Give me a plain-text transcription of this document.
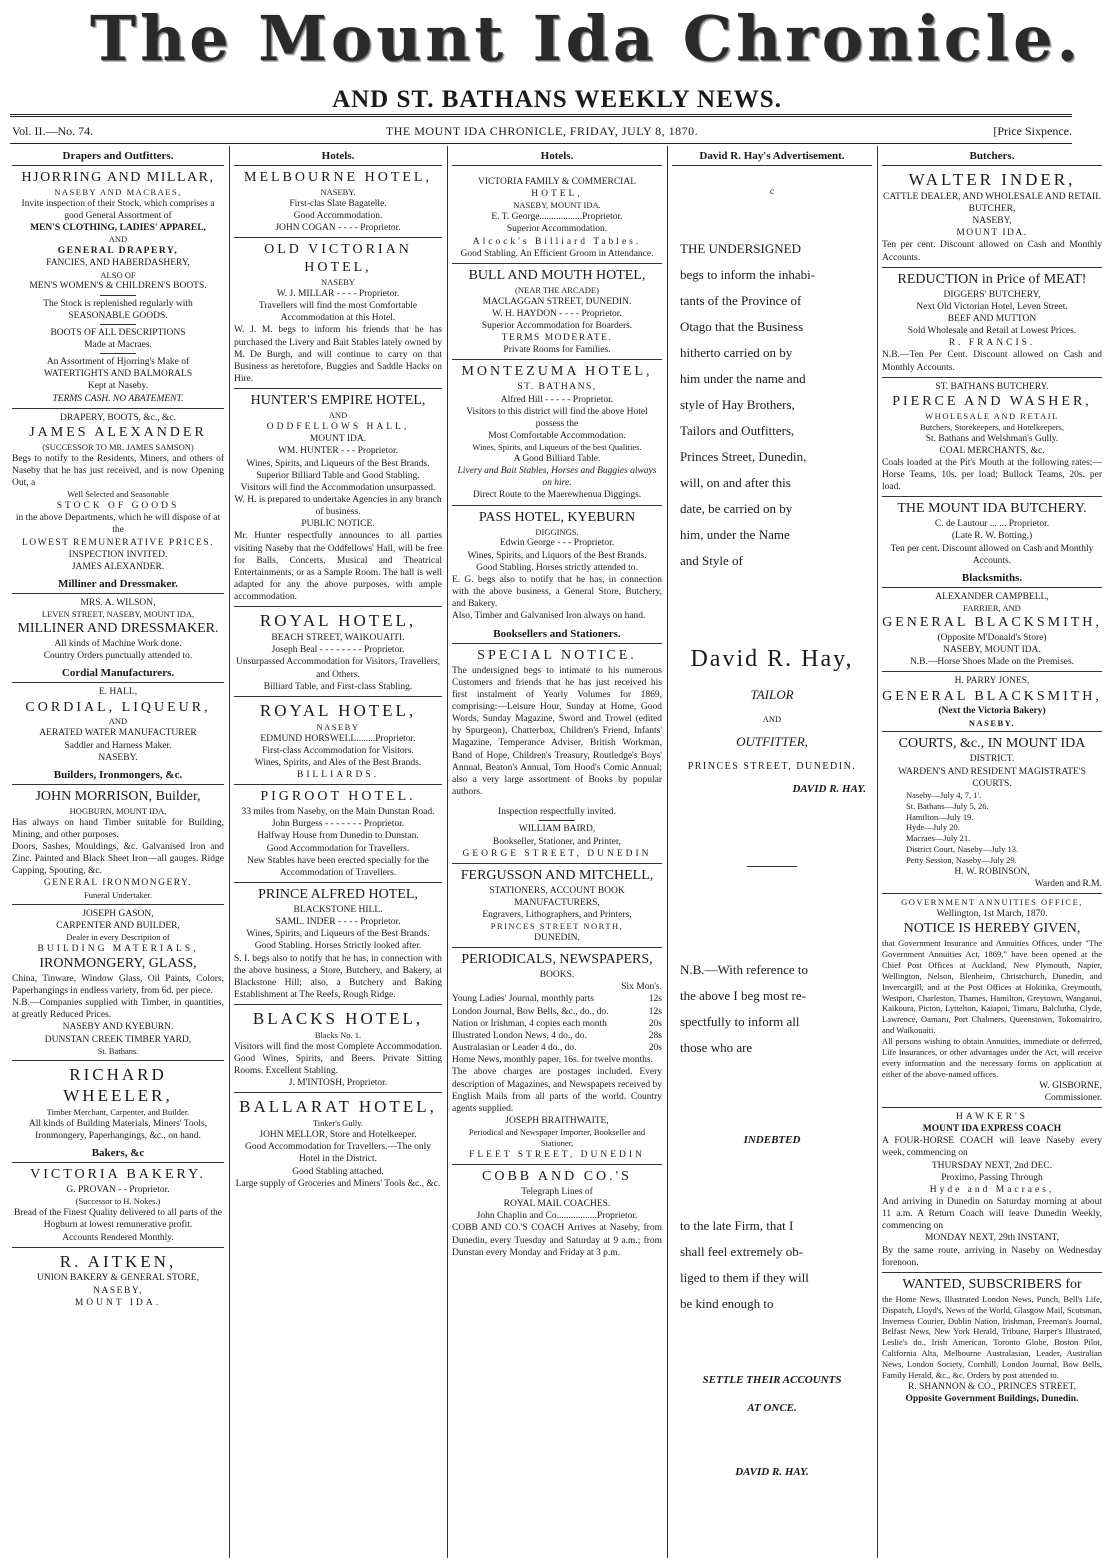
The Mount Ida Chronicle.
AND ST. BATHANS WEEKLY NEWS.
Vol. II.—No. 74.	THE MOUNT IDA CHRONICLE, FRIDAY, JULY 8, 1870.	[Price Sixpence.
Drapers and Outfitters.

HJORRING AND MILLAR,

NASEBY AND MACRAES,

Invite inspection of their Stock, which comprises a good General Assortment of

MEN'S CLOTHING, LADIES' APPAREL,

AND

GENERAL DRAPERY,

FANCIES, AND HABERDASHERY,

ALSO OF

MEN'S WOMEN'S & CHILDREN'S BOOTS.

The Stock is replenished regularly with

SEASONABLE GOODS.

BOOTS OF ALL DESCRIPTIONS

Made at Macraes.

An Assortment of Hjorring's Make of

WATERTIGHTS AND BALMORALS

Kept at Naseby.

TERMS CASH. NO ABATEMENT.

DRAPERY, BOOTS, &c., &c.

JAMES ALEXANDER

(SUCCESSOR TO MR. JAMES SAMSON)

Begs to notify to the Residents, Miners, and others of Naseby that he has just received, and is now Opening Out, a

Well Selected and Seasonable

STOCK OF GOODS

in the above Departments, which he will dispose of at the

LOWEST REMUNERATIVE PRICES.

INSPECTION INVITED.

JAMES ALEXANDER.

Milliner and Dressmaker.

MRS. A. WILSON,

LEVEN STREET, NASEBY, MOUNT IDA,

MILLINER AND DRESSMAKER.

All kinds of Machine Work done.

Country Orders punctually attended to.

Cordial Manufacturers.

E. HALL,

CORDIAL, LIQUEUR,

AND

AERATED WATER MANUFACTURER

Saddler and Harness Maker.

NASEBY.

Builders, Ironmongers, &c.

JOHN MORRISON, Builder,

HOGBURN, MOUNT IDA,

Has always on hand Timber suitable for Building, Mining, and other purposes.

Doors, Sashes, Mouldings, &c. Galvanised Iron and Zinc. Painted and Black Sheet Iron—all gauges. Ridge Capping, Spouting, &c.

GENERAL IRONMONGERY.

Funeral Undertaker.

JOSEPH GASON,

CARPENTER AND BUILDER,

Dealer in every Description of

BUILDING MATERIALS,

IRONMONGERY, GLASS,

China, Tinware, Window Glass, Oil Paints, Colors, Paperhangings in endless variety, from 6d. per piece.

N.B.—Companies supplied with Timber, in quantities, at greatly Reduced Prices.

NASEBY AND KYEBURN.

DUNSTAN CREEK TIMBER YARD,

St. Bathans.

RICHARD WHEELER,

Timber Merchant, Carpenter, and Builder.

All kinds of Building Materials, Miners' Tools, Ironmongery, Paperhangings, &c., on hand.

Bakers, &c

VICTORIA BAKERY.

G. PROVAN - - Proprietor.

(Successor to H. Nokes.)

Bread of the Finest Quality delivered to all parts of the Hogburn at lowest remunerative profit.

Accounts Rendered Monthly.

R. AITKEN,

UNION BAKERY & GENERAL STORE,

NASEBY,

MOUNT IDA.

Hotels.

MELBOURNE HOTEL,

NASEBY.

First-clas Slate Bagatelle.

Good Accommodation.

JOHN COGAN - - - - Proprietor.

OLD VICTORIAN HOTEL,

NASEBY

W. J. MILLAR - - - - Proprietor.

Travellers will find the most Comfortable Accommodation at this Hotel.

W. J. M. begs to inform his friends that he has purchased the Livery and Bait Stables lately owned by M. De Burgh, and will continue to carry on that Business as heretofore, Buggies and Saddle Hacks on Hire.

HUNTER'S EMPIRE HOTEL,

AND

ODDFELLOWS HALL,

MOUNT IDA.

WM. HUNTER - - - Proprietor.

Wines, Spirits, and Liqueurs of the Best Brands.

Superior Billiard Table and Good Stabling.

Visitors will find the Accommodation unsurpassed.

W. H. is prepared to undertake Agencies in any branch of business.

PUBLIC NOTICE.

Mr. Hunter respectfully announces to all parties visiting Naseby that the Oddfellows' Hall, will be free for Balls, Concerts, Musical and Theatrical Entertainments, or as a Sample Room. The hall is well adapted for any the above purposes, with ample accommodation.

ROYAL HOTEL,

BEACH STREET, WAIKOUAITI.

Joseph Beal - - - - - - - - Proprietor.

Unsurpassed Accommodation for Visitors, Travellers, and Others.

Billiard Table, and First-class Stabling.

ROYAL HOTEL,

NASEBY

EDMUND HORSWELL........Proprietor.

First-class Accommodation for Visitors.

Wines, Spirits, and Ales of the Best Brands.

BILLIARDS.

PIGROOT HOTEL.

33 miles from Naseby, on the Main Dunstan Road.

John Burgess - - - - - - - Proprietor.

Halfway House from Dunedin to Dunstan.

Good Accommodation for Travellers.

New Stables have been erected specially for the Accommodation of Travellers.

PRINCE ALFRED HOTEL,

BLACKSTONE HILL.

SAML. INDER - - - - Proprietor.

Wines, Spirits, and Liqueurs of the Best Brands.

Good Stabling. Horses Strictly looked after.

S. I. begs also to notify that he has, in connection with the above business, a Store, Butchery, and Bakery, at Blackstone Hill; also, a Butchery and Baking Establishment at The Reefs, Rough Ridge.

BLACKS HOTEL,

Blacks No. 1.

Visitors will find the most Complete Accommodation. Good Wines, Spirits, and Beers. Private Sitting Rooms. Excellent Stabling.

J. M'INTOSH, Proprietor.

BALLARAT HOTEL,

Tinker's Gully.

JOHN MELLOR, Store and Hotelkeeper.

Good Accommodation for Travellers.—The only Hotel in the District.

Good Stabling attached.

Large supply of Groceries and Miners' Tools &c., &c.

Hotels.

VICTORIA FAMILY & COMMERCIAL

HOTEL,

NASEBY, MOUNT IDA.

E. T. George..................Proprietor.

Superior Accommodation.

Alcock's Billiard Tables.

Good Stabling. An Efficient Groom in Attendance.

BULL AND MOUTH HOTEL,

(NEAR THE ARCADE)

MACLAGGAN STREET, DUNEDIN.

W. H. HAYDON - - - - Proprietor.

Superior Accommodation for Boarders.

TERMS MODERATE.

Private Rooms for Families.

MONTEZUMA HOTEL,

ST. BATHANS,

Alfred Hill - - - - - Proprietor.

Visitors to this district will find the above Hotel possess the

Most Comfortable Accommodation.

Wines, Spirits, and Liqueurs of the best Qualities.

A Good Billiard Table.

Livery and Bait Stables, Horses and Buggies always on hire.

Direct Route to the Maerewhenua Diggings.

PASS HOTEL, KYEBURN

DIGGINGS.

Edwin George - - - Proprietor.

Wines, Spirits, and Liquors of the Best Brands.

Good Stabling. Horses strictly attended to.

E. G. begs also to notify that he has, in connection with the above business, a General Store, Butchery, and Bakery.

Also, Timber and Galvanised Iron always on hand.

Booksellers and Stationers.

SPECIAL NOTICE.

The undersigned begs to intimate to his numerous Customers and friends that he has just received his first instalment of Yearly Volumes for 1869, comprising:—Leisure Hour, Sunday at Home, Good Words, Sunday Magazine, Sword and Trowel (edited by Spurgeon), Chatterbox, Children's Friend, Infants' Magazine, Temperance Adviser, British Workman, Band of Hope, Children's Treasury, Routledge's Boys' Annual, Beaton's Annual, Tom Hood's Comic Annual; also a very large assortment of Books by popular authors.

Inspection respectfully invited.

WILLIAM BAIRD,

Bookseller, Stationer, and Printer,

GEORGE STREET, DUNEDIN

FERGUSSON AND MITCHELL,

STATIONERS, ACCOUNT BOOK MANUFACTURERS,

Engravers, Lithographers, and Printers,

PRINCES STREET NORTH,

DUNEDIN.

PERIODICALS, NEWSPAPERS,

BOOKS.

Six Mon's.

Young Ladies' Journal, monthly parts	12s
London Journal, Bow Bells, &c., do., do.	12s
Nation or Irishman, 4 copies each month	20s
Illustrated London News, 4 do., do.	28s
Australasian or Leader 4 do., do.	20s

Home News, monthly paper, 16s. for twelve months.

The above charges are postages included. Every description of Magazines, and Newspapers received by English Mails from all parts of the world. Country agents supplied.

JOSEPH BRAITHWAITE,

Periodical and Newspaper Importer, Bookseller and Stationer,

FLEET STREET, DUNEDIN

COBB AND CO.'S

Telegraph Lines of

ROYAL MAIL COACHES.

John Chaplin and Co.................Proprietor.

COBB AND CO.'S COACH Arrives at Naseby, from Dunedin, every Tuesday and Saturday at 9 a.m.; from Dunstan every Monday and Friday at 3 p.m.

David R. Hay's Advertisement.

c

THE UNDERSIGNED

begs to inform the inhabi-

tants of the Province of

Otago that the Business

hitherto carried on by

him under the name and

style of Hay Brothers,

Tailors and Outfitters,

Princes Street, Dunedin,

will, on and after this

date, be carried on by

him, under the Name

and Style of

David R. Hay,

TAILOR

AND

OUTFITTER,

PRINCES STREET, DUNEDIN.

DAVID R. HAY.

N.B.—With reference to

the above I beg most re-

spectfully to inform all

those who are

INDEBTED

to the late Firm, that I

shall feel extremely ob-

liged to them if they will

be kind enough to

SETTLE THEIR ACCOUNTS

AT ONCE.

DAVID R. HAY.

Butchers.

WALTER INDER,

CATTLE DEALER, AND WHOLESALE AND RETAIL BUTCHER,

NASEBY,

MOUNT IDA.

Ten per cent. Discount allowed on Cash and Monthly Accounts.

REDUCTION in Price of MEAT!

DIGGERS' BUTCHERY,

Next Old Victorian Hotel, Leven Street.

BEEF AND MUTTON

Sold Wholesale and Retail at Lowest Prices.

R. FRANCIS.

N.B.—Ten Per Cent. Discount allowed on Cash and Monthly Accounts.

ST. BATHANS BUTCHERY.

PIERCE AND WASHER,

WHOLESALE AND RETAIL

Butchers, Storekeepers, and Hotelkeepers,

St. Bathans and Welshman's Gully.

COAL MERCHANTS, &c.

Coals loaded at the Pit's Mouth at the following rates:—Horse Teams, 10s. per load; Bullock Teams, 20s. per load.

THE MOUNT IDA BUTCHERY.

C. de Lautour ... ... Proprietor.

(Late R. W. Botting.)

Ten per cent. Discount allowed on Cash and Monthly Accounts.

Blacksmiths.

ALEXANDER CAMPBELL,

FARRIER, AND

GENERAL BLACKSMITH,

(Opposite M'Donald's Store)

NASEBY, MOUNT IDA.

N.B.—Horse Shoes Made on the Premises.

H. PARRY JONES,

GENERAL BLACKSMITH,

(Next the Victoria Bakery)

NASEBY.

COURTS, &c., IN MOUNT IDA

DISTRICT.

WARDEN'S AND RESIDENT MAGISTRATE'S COURTS.

Naseby—July 4, 7, 1'.

St. Bathans—July 5, 26.

Hamilton—July 19.

Hyde—July 20.

Macraes—July 21.

District Court, Naseby—July 13.

Petty Session, Naseby—July 29.

H. W. ROBINSON,

Warden and R.M.

GOVERNMENT ANNUITIES OFFICE,

Wellington, 1st March, 1870.

NOTICE IS HEREBY GIVEN,

that Government Insurance and Annuities Offices, under "The Government Annuities Act, 1869," have been opened at the Chief Post Offices at Auckland, New Plymouth, Napier, Wellington, Nelson, Blenheim, Christchurch, Dunedin, and Invercargill, and at the Post Offices at Hokitika, Greymouth, Westport, Charleston, Thames, Hamilton, Greytown, Wanganui, Kaikoura, Picton, Lyttelton, Kaiapoi, Timaru, Balclutha, Clyde, Lawrence, Oamaru, Port Chalmers, Queenstown, Tokomairiro, and Waikouaiti.

All persons wishing to obtain Annuities, immediate or deferred, Life Insurances, or other advantages under the Act, will receive every information and the necessary forms on application at either of the above-named offices.

W. GISBORNE,

Commissioner.

HAWKER'S

MOUNT IDA EXPRESS COACH

A FOUR-HORSE COACH will leave Naseby every week, commencing on

THURSDAY NEXT, 2nd DEC.

Proximo, Passing Through

Hyde and Macraes,

And arriving in Dunedin on Saturday morning at about 11 a.m. A Return Coach will leave Dunedin Weekly, commencing on

MONDAY NEXT, 29th INSTANT,

By the same route, arriving in Naseby on Wednesday forenoon.

WANTED, SUBSCRIBERS for

the Home News, Illustrated London News, Punch, Bell's Life, Dispatch, Lloyd's, News of the World, Glasgow Mail, Scotsman, Inverness Courier, Dublin Nation, Irishman, Freeman's Journal, Belfast News, New York Herald, Tribune, Harper's Illustrated, Leslie's do., Irish American, Toronto Globe, Boston Pilot, California Alta, Melbourne Australasian, Leader, Australian News, London Society, Cornhill, London Journal, Bow Bells, Family Herald, &c., &c. Orders by post attended to.

R. SHANNON & CO., PRINCES STREET,

Opposite Government Buildings, Dunedin.
